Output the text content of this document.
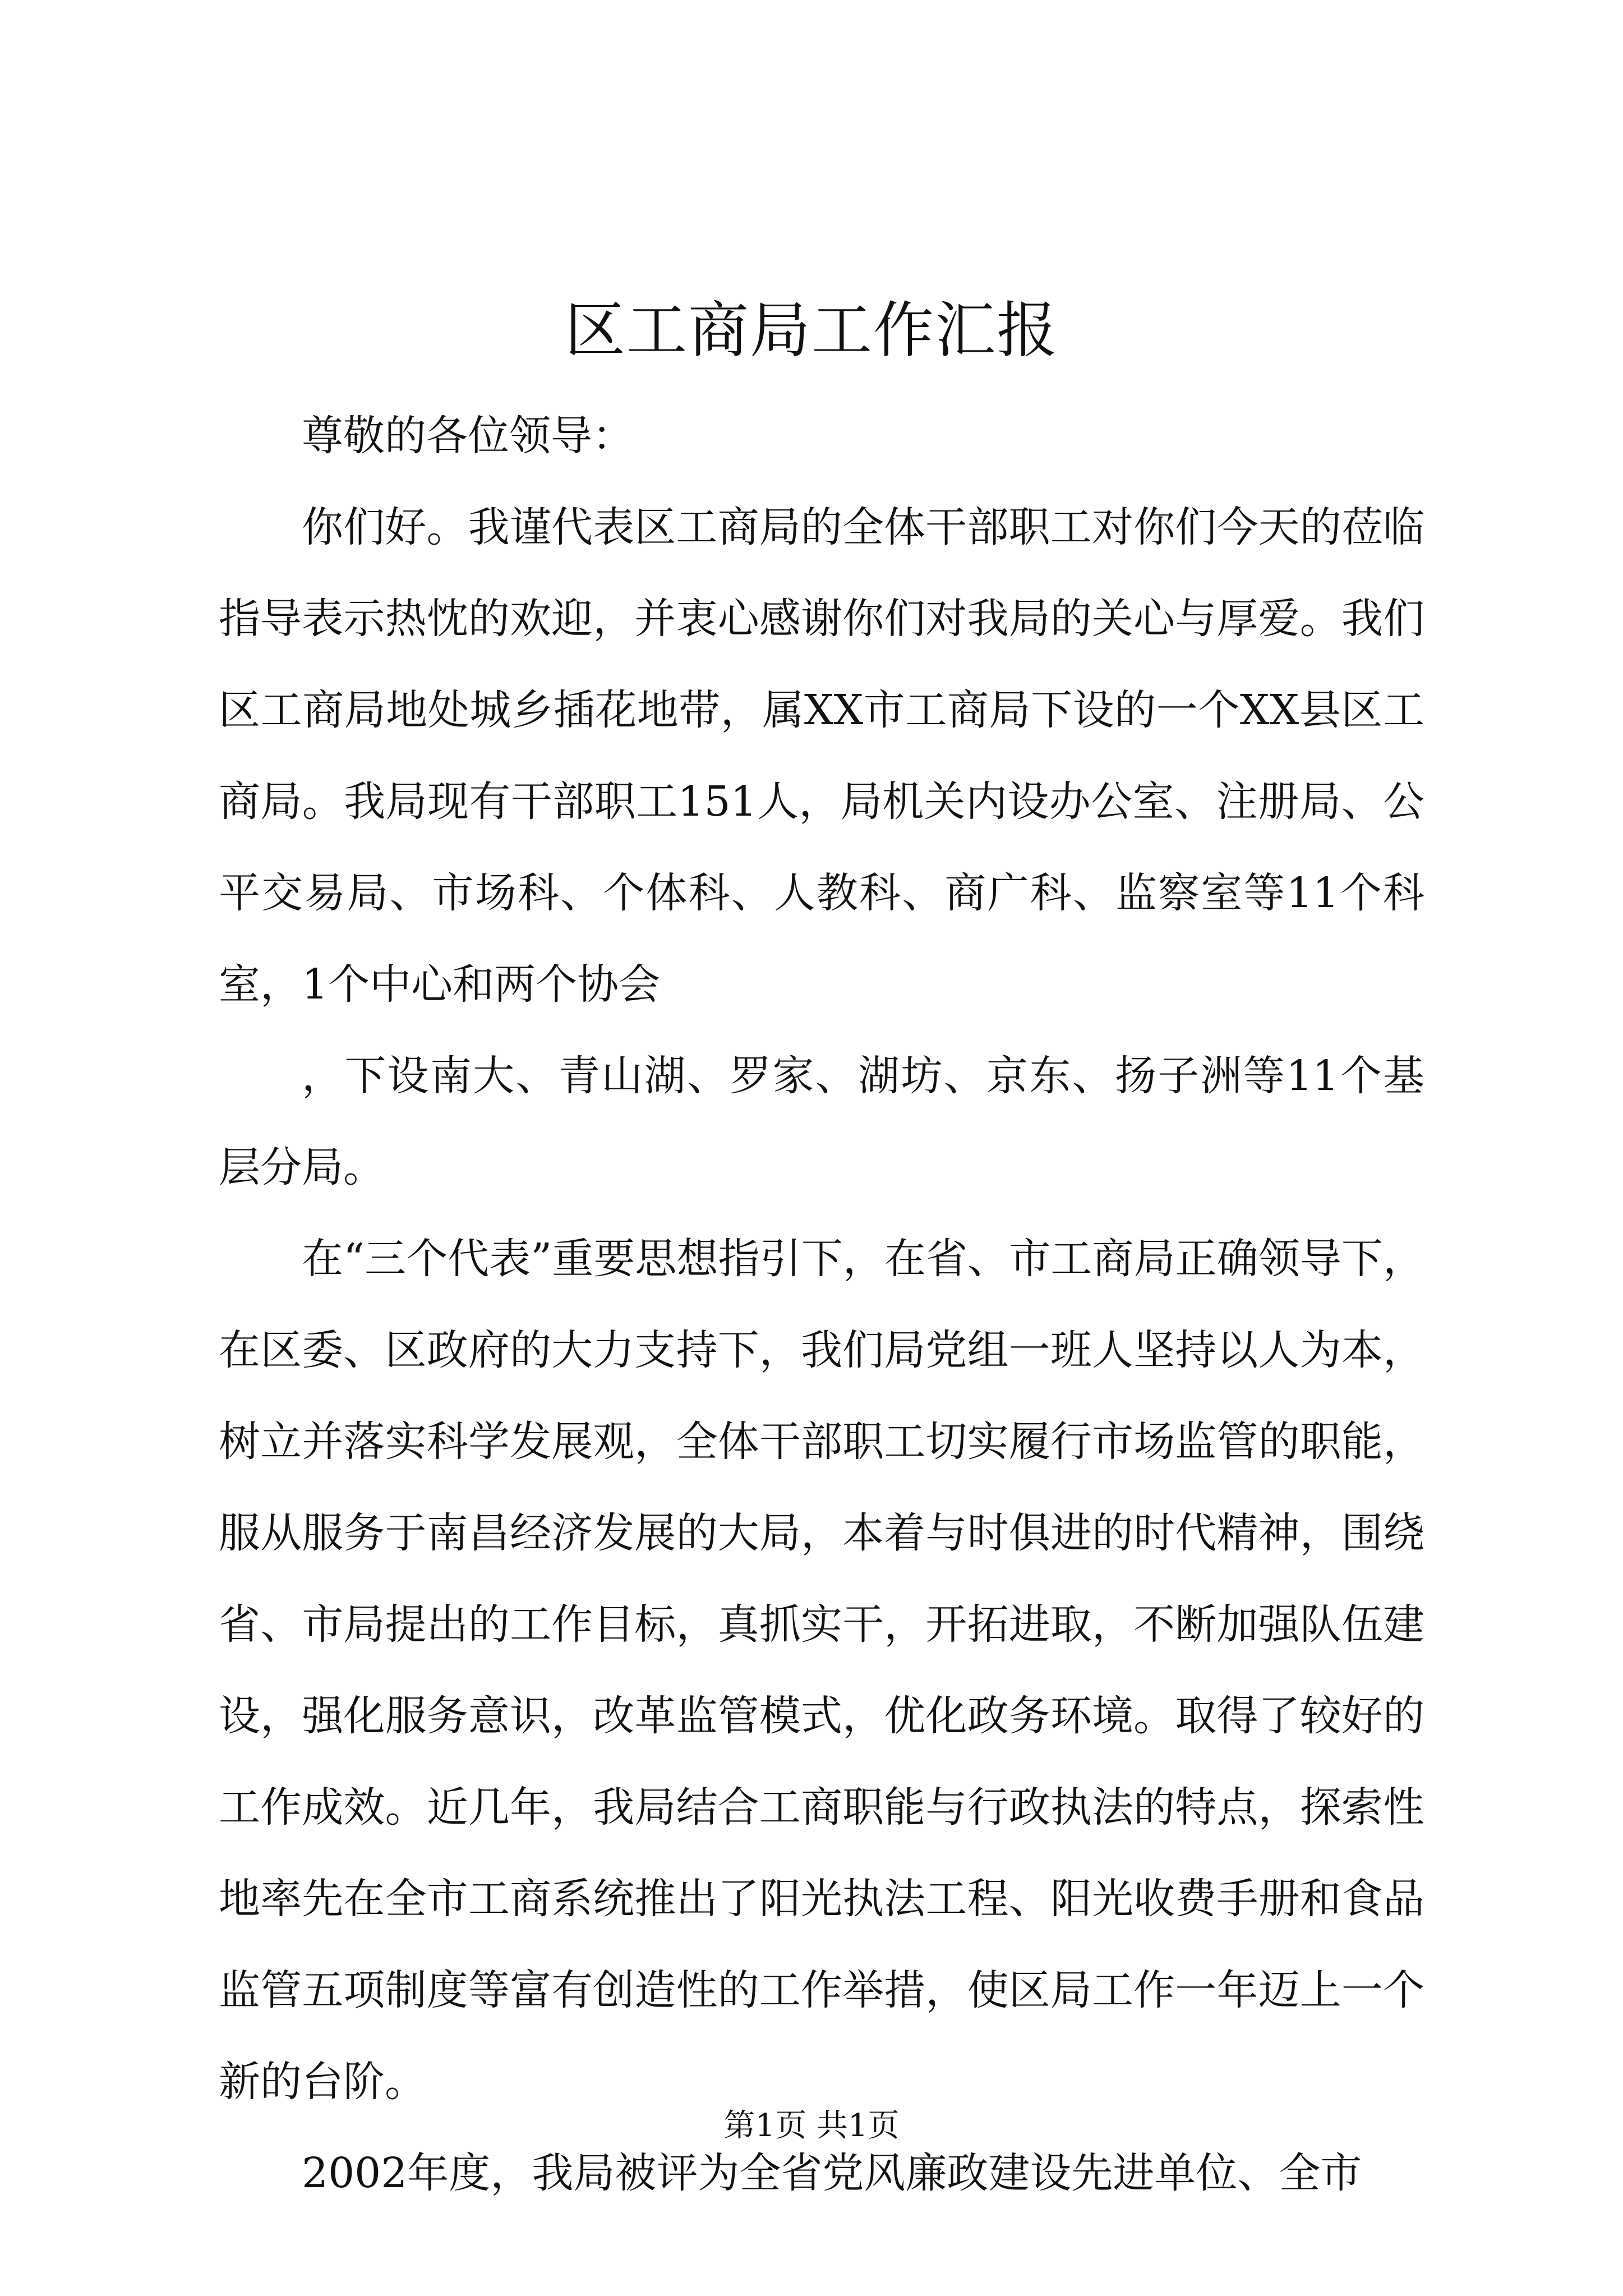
区工商局工作汇报

尊敬的各位领导：

你们好。我谨代表区工商局的全体干部职工对你们今天的莅临指导表示热忱的欢迎，并衷心感谢你们对我局的关心与厚爱。我们区工商局地处城乡插花地带，属XX市工商局下设的一个XX县区工商局。我局现有干部职工151人，局机关内设办公室、注册局、公平交易局、市场科、个体科、人教科、商广科、监察室等11个科室，1个中心和两个协会

，下设南大、青山湖、罗家、湖坊、京东、扬子洲等11个基层分局。

在“三个代表”重要思想指引下，在省、市工商局正确领导下，在区委、区政府的大力支持下，我们局党组一班人坚持以人为本，树立并落实科学发展观，全体干部职工切实履行市场监管的职能，服从服务于南昌经济发展的大局，本着与时俱进的时代精神，围绕省、市局提出的工作目标，真抓实干，开拓进取，不断加强队伍建设，强化服务意识，改革监管模式，优化政务环境。取得了较好的工作成效。近几年，我局结合工商职能与行政执法的特点，探索性地率先在全市工商系统推出了阳光执法工程、阳光收费手册和食品监管五项制度等富有创造性的工作举措，使区局工作一年迈上一个新的台阶。

2002年度，我局被评为全省党风廉政建设先进单位、全市

第1页 共1页
